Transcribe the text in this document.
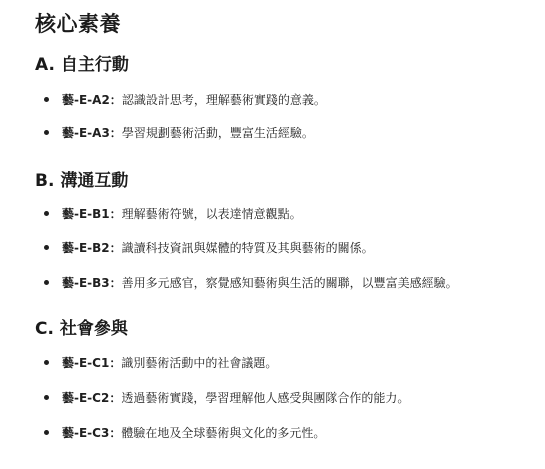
核心素養
A. 自主行動
藝-E-A2：認識設計思考，理解藝術實踐的意義。
藝-E-A3：學習規劃藝術活動，豐富生活經驗。
B. 溝通互動
藝-E-B1：理解藝術符號，以表達情意觀點。
藝-E-B2：識讀科技資訊與媒體的特質及其與藝術的關係。
藝-E-B3：善用多元感官，察覺感知藝術與生活的關聯，以豐富美感經驗。
C. 社會參與
藝-E-C1：識別藝術活動中的社會議題。
藝-E-C2：透過藝術實踐，學習理解他人感受與團隊合作的能力。
藝-E-C3：體驗在地及全球藝術與文化的多元性。
